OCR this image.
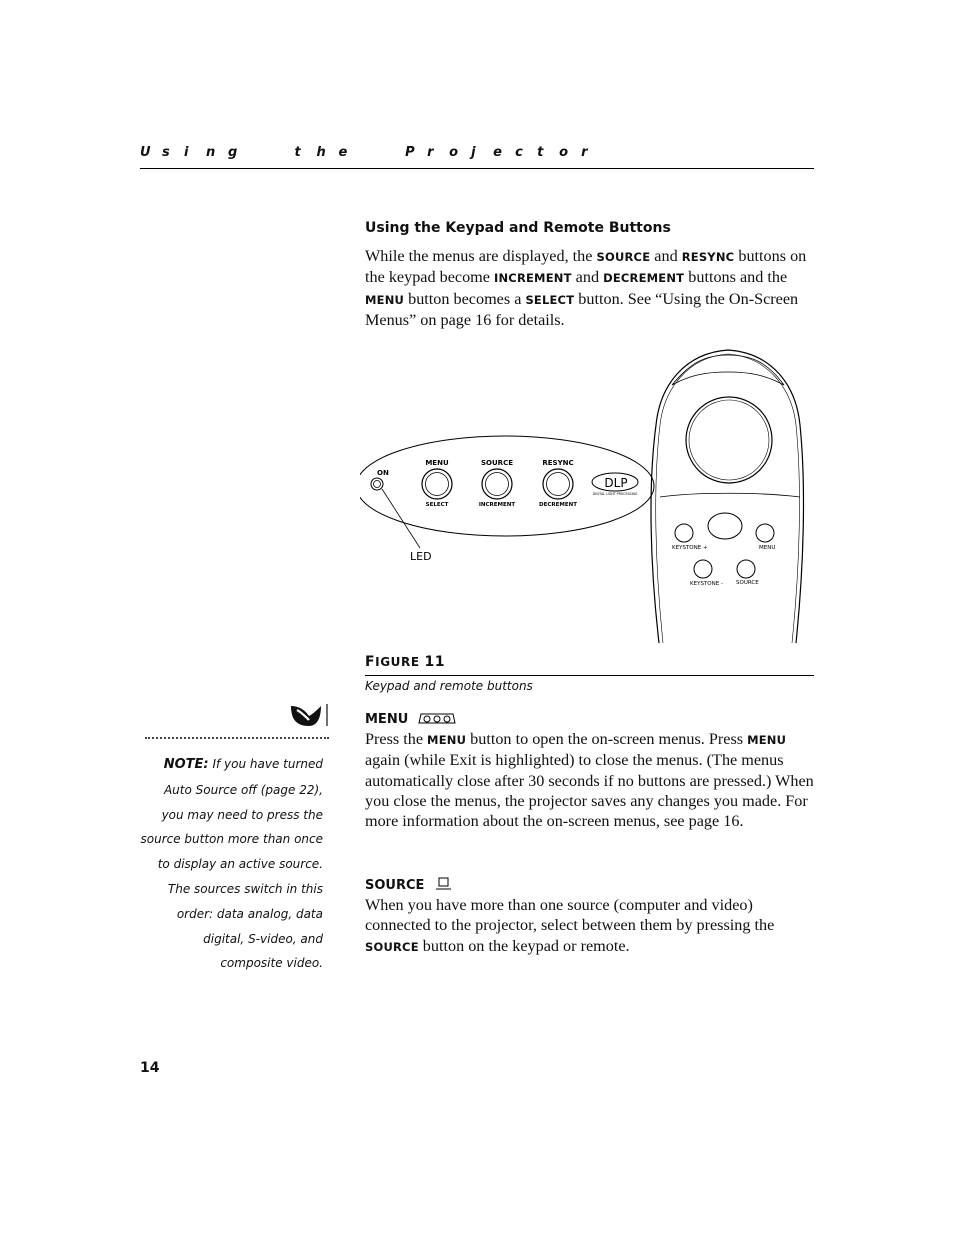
U s i n g	t h e	P r o j e c t o r
Using the Keypad and Remote Buttons
While the menus are displayed, the SOURCE and RESYNC buttons on the keypad become INCREMENT and DECREMENT buttons and the MENU button becomes a SELECT button. See “Using the On-Screen Menus” on page 16 for details.
ON
LED
MENU
SELECT
SOURCE
INCREMENT
RESYNC
DECREMENT
DLP
DIGITAL LIGHT PROCESSING
KEYSTONE +	MENU
KEYSTONE - SOURCE
FIGURE 11
Keypad and remote buttons
MENU
Press the MENU button to open the on-screen menus. Press MENU again (while Exit is highlighted) to close the menus. (The menus automatically close after 30 seconds if no buttons are pressed.) When you close the menus, the projector saves any changes you made. For more information about the on-screen menus, see page 16.
SOURCE
When you have more than one source (computer and video) connected to the projector, select between them by pressing the SOURCE button on the keypad or remote.
NOTE: If you have turned Auto Source off (page 22), you may need to press the source button more than once to display an active source. The sources switch in this order: data analog, data digital, S-video, and composite video.
14
